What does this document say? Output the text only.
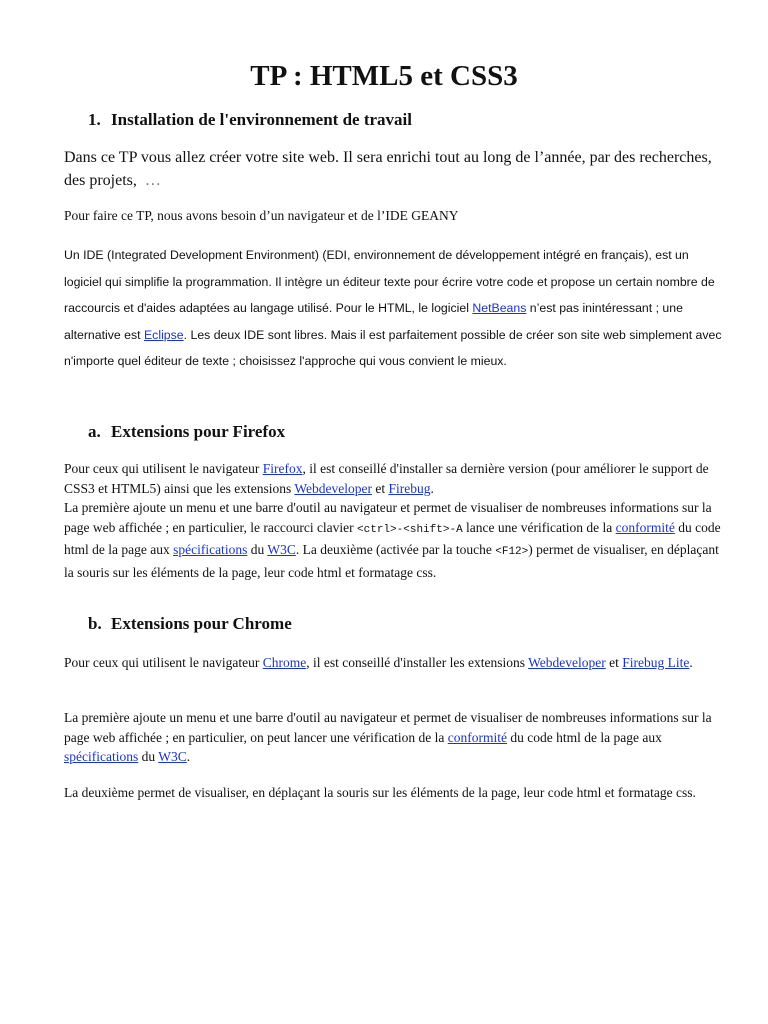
TP : HTML5 et CSS3
1. Installation de l'environnement de travail

Dans ce TP vous allez créer votre site web. Il sera enrichi tout au long de l’année, par des recherches, des projets, …

Pour faire ce TP, nous avons besoin d’un navigateur et de l’IDE GEANY

Un IDE (Integrated Development Environment) (EDI, environnement de développement intégré en français), est un logiciel qui simplifie la programmation. Il intègre un éditeur texte pour écrire votre code et propose un certain nombre de raccourcis et d'aides adaptées au langage utilisé. Pour le HTML, le logiciel NetBeans n’est pas inintéressant ; une alternative est Eclipse. Les deux IDE sont libres. Mais il est parfaitement possible de créer son site web simplement avec n'importe quel éditeur de texte ; choisissez l'approche qui vous convient le mieux.

a. Extensions pour Firefox
Pour ceux qui utilisent le navigateur Firefox, il est conseillé d'installer sa dernière version (pour améliorer le support de CSS3 et HTML5) ainsi que les extensions Webdeveloper et Firebug.
La première ajoute un menu et une barre d'outil au navigateur et permet de visualiser de nombreuses informations sur la page web affichée ; en particulier, le raccourci clavier <ctrl>-<shift>-A lance une vérification de la conformité du code html de la page aux spécifications du W3C. La deuxième (activée par la touche <F12>) permet de visualiser, en déplaçant la souris sur les éléments de la page, leur code html et formatage css.
b. Extensions pour Chrome
Pour ceux qui utilisent le navigateur Chrome, il est conseillé d'installer les extensions Webdeveloper et Firebug Lite.
La première ajoute un menu et une barre d'outil au navigateur et permet de visualiser de nombreuses informations sur la page web affichée ; en particulier, on peut lancer une vérification de la conformité du code html de la page aux spécifications du W3C.
La deuxième permet de visualiser, en déplaçant la souris sur les éléments de la page, leur code html et formatage css.
